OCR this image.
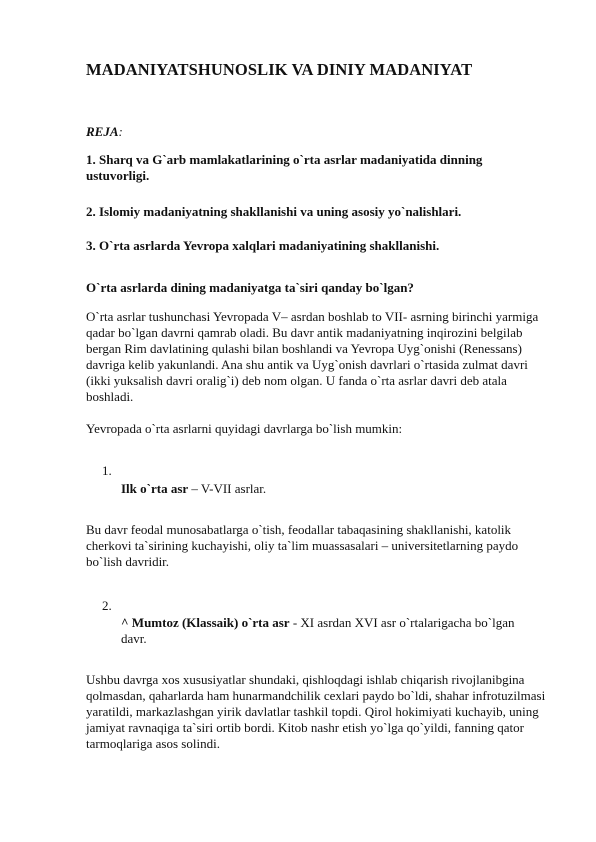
MADANIYATSHUNOSLIK VA DINIY MADANIYAT
REJA:

1. Sharq va G`arb mamlakatlarining o`rta asrlar madaniyatida dinning ustuvorligi.

2. Islomiy madaniyatning shakllanishi va uning asosiy yo`nalishlari.

3. O`rta asrlarda Yevropa xalqlari madaniyatining shakllanishi.

O`rta asrlarda dining madaniyatga ta`siri qanday bo`lgan?

O`rta asrlar tushunchasi Yevropada V– asrdan boshlab to VII- asrning birinchi yarmiga qadar bo`lgan davrni qamrab oladi. Bu davr antik madaniyatning inqirozini belgilab bergan Rim davlatining qulashi bilan boshlandi va Yevropa Uyg`onishi (Renessans) davriga kelib yakunlandi. Ana shu antik va Uyg`onish davrlari o`rtasida zulmat davri (ikki yuksalish davri oralig`i) deb nom olgan. U fanda o`rta asrlar davri deb atala boshladi.

Yevropada o`rta asrlarni quyidagi davrlarga bo`lish mumkin:

1.

Ilk o`rta asr – V-VII asrlar.

Bu davr feodal munosabatlarga o`tish, feodallar tabaqasining shakllanishi, katolik cherkovi ta`sirining kuchayishi, oliy ta`lim muassasalari – universitetlarning paydo bo`lish davridir.

2.

^ Mumtoz (Klassaik) o`rta asr - XI asrdan XVI asr o`rtalarigacha bo`lgan davr.

Ushbu davrga xos xususiyatlar shundaki, qishloqdagi ishlab chiqarish rivojlanibgina qolmasdan, qaharlarda ham hunarmandchilik cexlari paydo bo`ldi, shahar infrotuzilmasi yaratildi, markazlashgan yirik davlatlar tashkil topdi. Qirol hokimiyati kuchayib, uning jamiyat ravnaqiga ta`siri ortib bordi. Kitob nashr etish yo`lga qo`yildi, fanning qator tarmoqlariga asos solindi.
